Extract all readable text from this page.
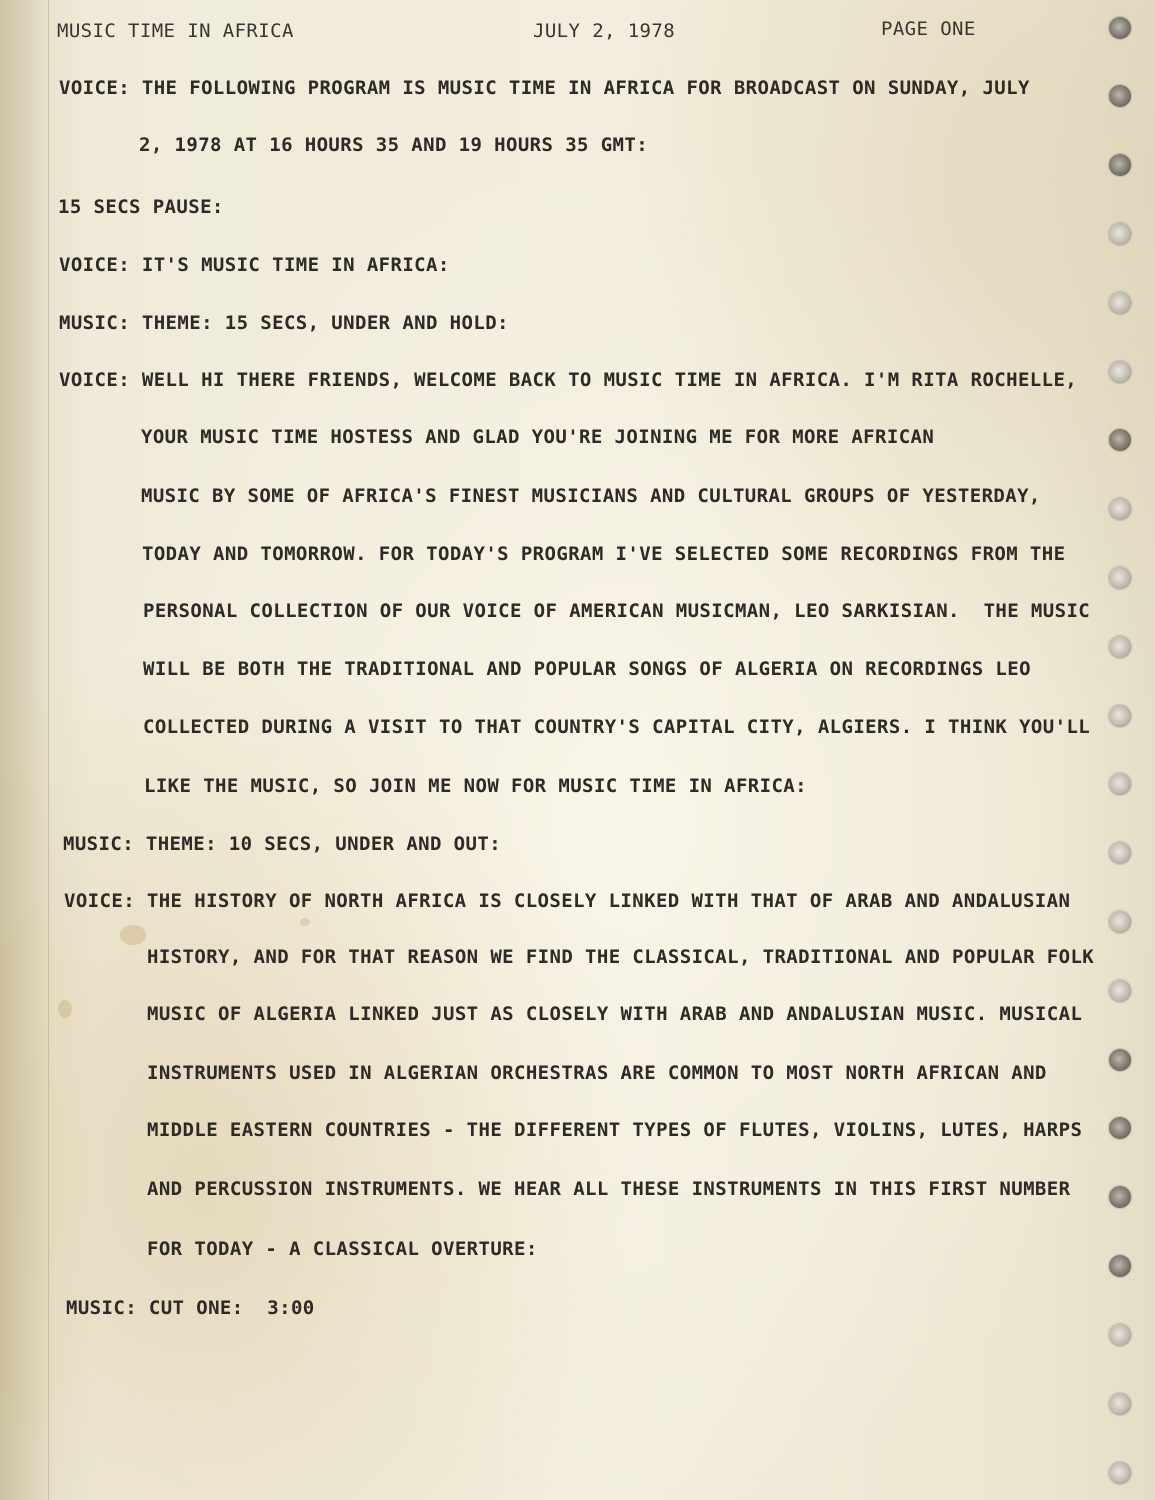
MUSIC TIME IN AFRICA	JULY 2, 1978	PAGE ONE

VOICE: THE FOLLOWING PROGRAM IS MUSIC TIME IN AFRICA FOR BROADCAST ON SUNDAY, JULY

2, 1978 AT 16 HOURS 35 AND 19 HOURS 35 GMT:

15 SECS PAUSE:

VOICE: IT'S MUSIC TIME IN AFRICA:

MUSIC: THEME: 15 SECS, UNDER AND HOLD:

VOICE: WELL HI THERE FRIENDS, WELCOME BACK TO MUSIC TIME IN AFRICA. I'M RITA ROCHELLE,

YOUR MUSIC TIME HOSTESS AND GLAD YOU'RE JOINING ME FOR MORE AFRICAN

MUSIC BY SOME OF AFRICA'S FINEST MUSICIANS AND CULTURAL GROUPS OF YESTERDAY,

TODAY AND TOMORROW. FOR TODAY'S PROGRAM I'VE SELECTED SOME RECORDINGS FROM THE

PERSONAL COLLECTION OF OUR VOICE OF AMERICAN MUSICMAN, LEO SARKISIAN.  THE MUSIC

WILL BE BOTH THE TRADITIONAL AND POPULAR SONGS OF ALGERIA ON RECORDINGS LEO

COLLECTED DURING A VISIT TO THAT COUNTRY'S CAPITAL CITY, ALGIERS. I THINK YOU'LL

LIKE THE MUSIC, SO JOIN ME NOW FOR MUSIC TIME IN AFRICA:

MUSIC: THEME: 10 SECS, UNDER AND OUT:

VOICE: THE HISTORY OF NORTH AFRICA IS CLOSELY LINKED WITH THAT OF ARAB AND ANDALUSIAN

HISTORY, AND FOR THAT REASON WE FIND THE CLASSICAL, TRADITIONAL AND POPULAR FOLK

MUSIC OF ALGERIA LINKED JUST AS CLOSELY WITH ARAB AND ANDALUSIAN MUSIC. MUSICAL

INSTRUMENTS USED IN ALGERIAN ORCHESTRAS ARE COMMON TO MOST NORTH AFRICAN AND

MIDDLE EASTERN COUNTRIES - THE DIFFERENT TYPES OF FLUTES, VIOLINS, LUTES, HARPS

AND PERCUSSION INSTRUMENTS. WE HEAR ALL THESE INSTRUMENTS IN THIS FIRST NUMBER

FOR TODAY - A CLASSICAL OVERTURE:

MUSIC: CUT ONE:  3:00
